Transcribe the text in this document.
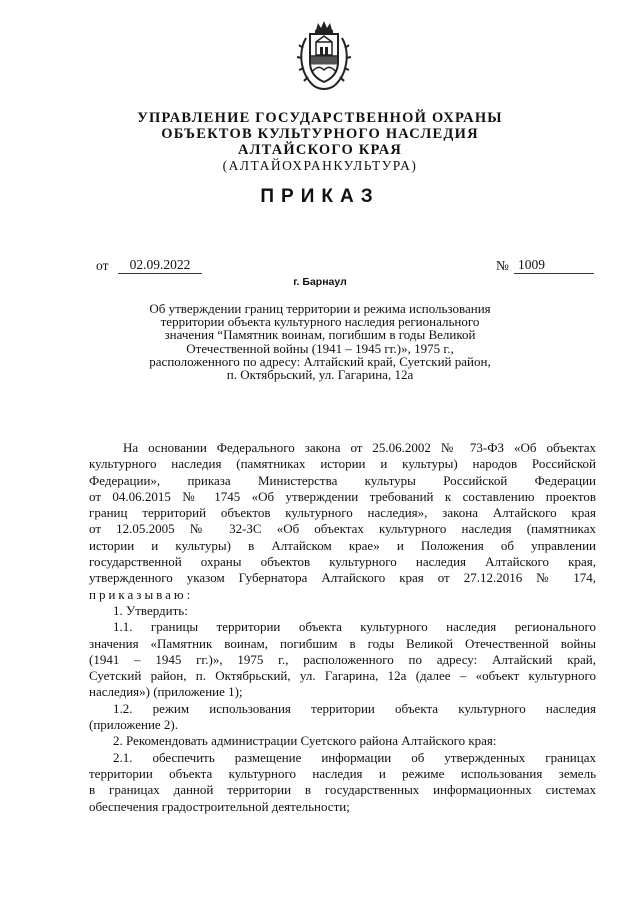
УПРАВЛЕНИЕ ГОСУДАРСТВЕННОЙ ОХРАНЫ
ОБЪЕКТОВ КУЛЬТУРНОГО НАСЛЕДИЯ
АЛТАЙСКОГО КРАЯ
(АЛТАЙОХРАНКУЛЬТУРА)
ПРИКАЗ
от	02.09.2022	№ 1009
г. Барнаул
Об утверждении границ территории и режима использования
территории объекта культурного наследия регионального
значения “Памятник воинам, погибшим в годы Великой
Отечественной войны (1941 – 1945 гг.)», 1975 г.,
расположенного по адресу: Алтайский край, Суетский район,
п. Октябрьский, ул. Гагарина, 12а
На основании Федерального закона от 25.06.2002 № 73-ФЗ «Об объектах
культурного наследия (памятниках истории и культуры) народов Российской
Федерации», приказа Министерства культуры Российской Федерации
от 04.06.2015 № 1745 «Об утверждении требований к составлению проектов
границ территорий объектов культурного наследия», закона Алтайского края
от 12.05.2005 № 32-ЗС «Об объектах культурного наследия (памятниках
истории и культуры) в Алтайском крае» и Положения об управлении
государственной охраны объектов культурного наследия Алтайского края,
утвержденного указом Губернатора Алтайского края от 27.12.2016 № 174,
приказываю:
1. Утвердить:
1.1. границы территории объекта культурного наследия регионального
значения «Памятник воинам, погибшим в годы Великой Отечественной войны
(1941 – 1945 гг.)», 1975 г., расположенного по адресу: Алтайский край,
Суетский район, п. Октябрьский, ул. Гагарина, 12а (далее – «объект культурного
наследия») (приложение 1);
1.2. режим использования территории объекта культурного наследия
(приложение 2).
2. Рекомендовать администрации Суетского района Алтайского края:
2.1. обеспечить размещение информации об утвержденных границах
территории объекта культурного наследия и режиме использования земель
в границах данной территории в государственных информационных системах
обеспечения градостроительной деятельности;
